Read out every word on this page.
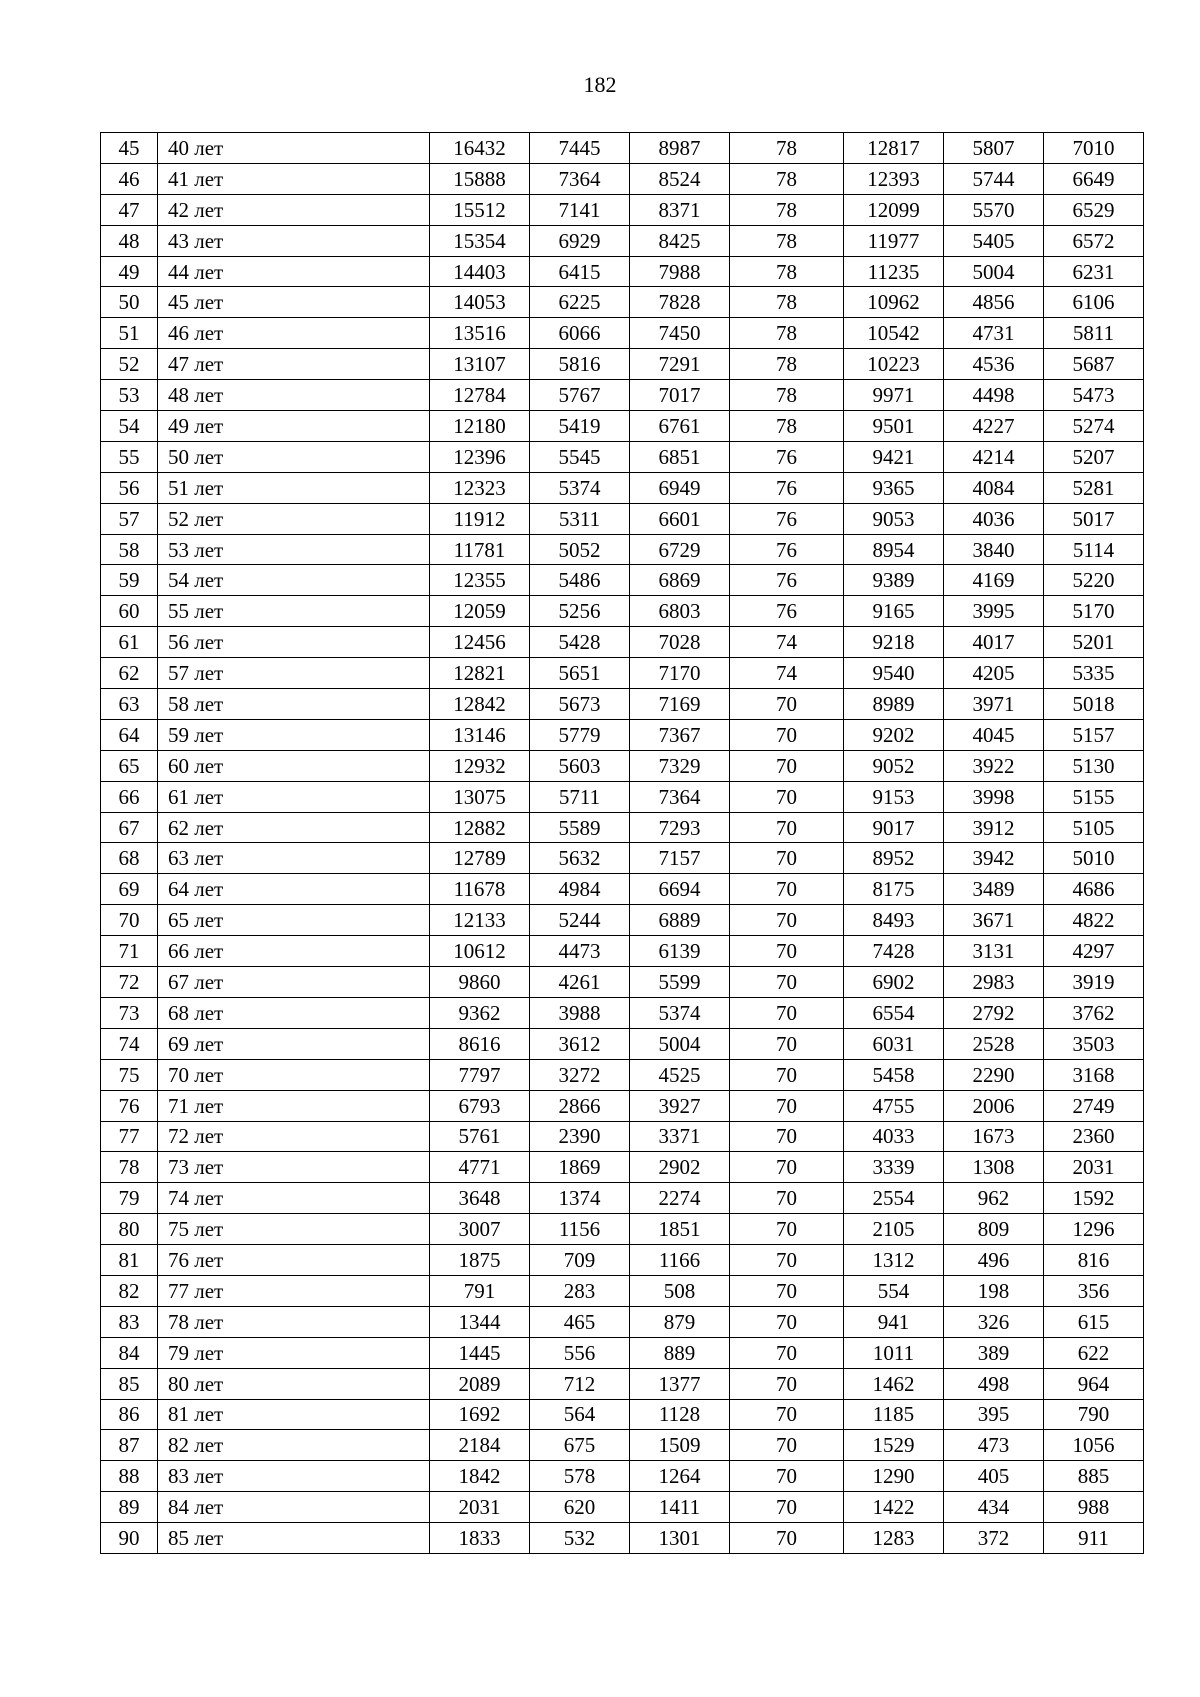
182
45	40 лет	16432	7445	8987	78	12817	5807	7010
46	41 лет	15888	7364	8524	78	12393	5744	6649
47	42 лет	15512	7141	8371	78	12099	5570	6529
48	43 лет	15354	6929	8425	78	11977	5405	6572
49	44 лет	14403	6415	7988	78	11235	5004	6231
50	45 лет	14053	6225	7828	78	10962	4856	6106
51	46 лет	13516	6066	7450	78	10542	4731	5811
52	47 лет	13107	5816	7291	78	10223	4536	5687
53	48 лет	12784	5767	7017	78	9971	4498	5473
54	49 лет	12180	5419	6761	78	9501	4227	5274
55	50 лет	12396	5545	6851	76	9421	4214	5207
56	51 лет	12323	5374	6949	76	9365	4084	5281
57	52 лет	11912	5311	6601	76	9053	4036	5017
58	53 лет	11781	5052	6729	76	8954	3840	5114
59	54 лет	12355	5486	6869	76	9389	4169	5220
60	55 лет	12059	5256	6803	76	9165	3995	5170
61	56 лет	12456	5428	7028	74	9218	4017	5201
62	57 лет	12821	5651	7170	74	9540	4205	5335
63	58 лет	12842	5673	7169	70	8989	3971	5018
64	59 лет	13146	5779	7367	70	9202	4045	5157
65	60 лет	12932	5603	7329	70	9052	3922	5130
66	61 лет	13075	5711	7364	70	9153	3998	5155
67	62 лет	12882	5589	7293	70	9017	3912	5105
68	63 лет	12789	5632	7157	70	8952	3942	5010
69	64 лет	11678	4984	6694	70	8175	3489	4686
70	65 лет	12133	5244	6889	70	8493	3671	4822
71	66 лет	10612	4473	6139	70	7428	3131	4297
72	67 лет	9860	4261	5599	70	6902	2983	3919
73	68 лет	9362	3988	5374	70	6554	2792	3762
74	69 лет	8616	3612	5004	70	6031	2528	3503
75	70 лет	7797	3272	4525	70	5458	2290	3168
76	71 лет	6793	2866	3927	70	4755	2006	2749
77	72 лет	5761	2390	3371	70	4033	1673	2360
78	73 лет	4771	1869	2902	70	3339	1308	2031
79	74 лет	3648	1374	2274	70	2554	962	1592
80	75 лет	3007	1156	1851	70	2105	809	1296
81	76 лет	1875	709	1166	70	1312	496	816
82	77 лет	791	283	508	70	554	198	356
83	78 лет	1344	465	879	70	941	326	615
84	79 лет	1445	556	889	70	1011	389	622
85	80 лет	2089	712	1377	70	1462	498	964
86	81 лет	1692	564	1128	70	1185	395	790
87	82 лет	2184	675	1509	70	1529	473	1056
88	83 лет	1842	578	1264	70	1290	405	885
89	84 лет	2031	620	1411	70	1422	434	988
90	85 лет	1833	532	1301	70	1283	372	911
